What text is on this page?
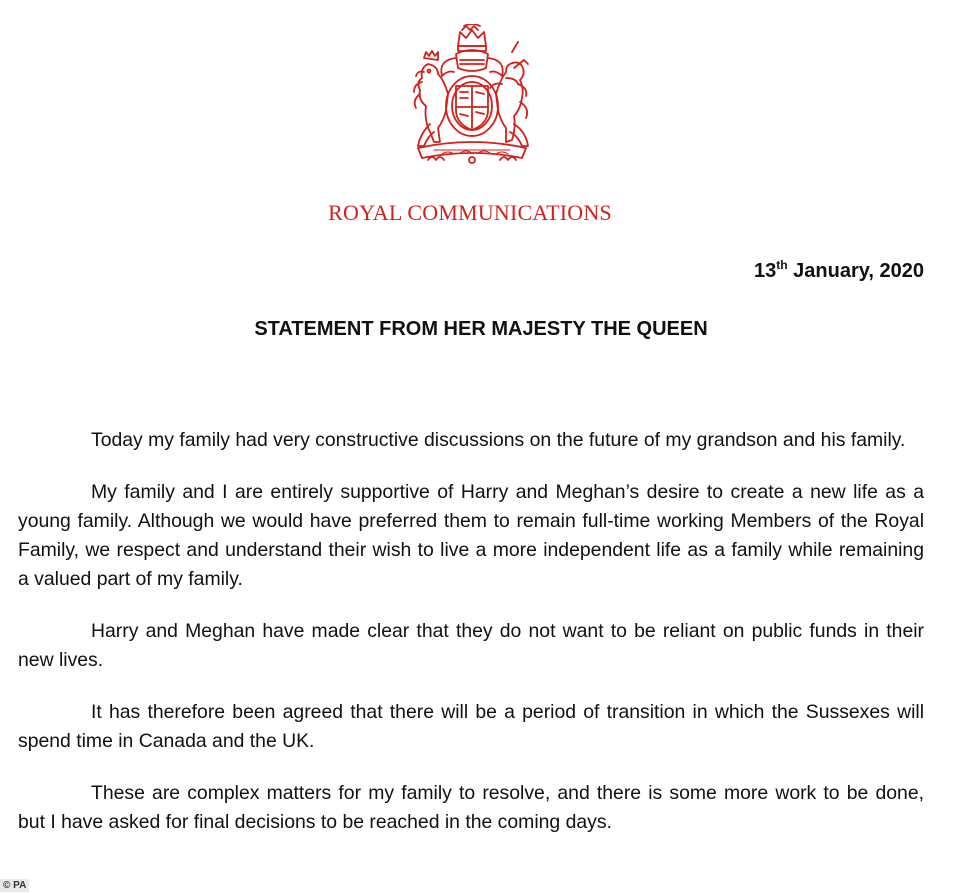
ROYAL COMMUNICATIONS
13th January, 2020
STATEMENT FROM HER MAJESTY THE QUEEN

Today my family had very constructive discussions on the future of my grandson and his family.

My family and I are entirely supportive of Harry and Meghan’s desire to create a new life as a young family. Although we would have preferred them to remain full-time working Members of the Royal Family, we respect and understand their wish to live a more independent life as a family while remaining a valued part of my family.

Harry and Meghan have made clear that they do not want to be reliant on public funds in their new lives.

It has therefore been agreed that there will be a period of transition in which the Sussexes will spend time in Canada and the UK.

These are complex matters for my family to resolve, and there is some more work to be done, but I have asked for final decisions to be reached in the coming days.

© PA
